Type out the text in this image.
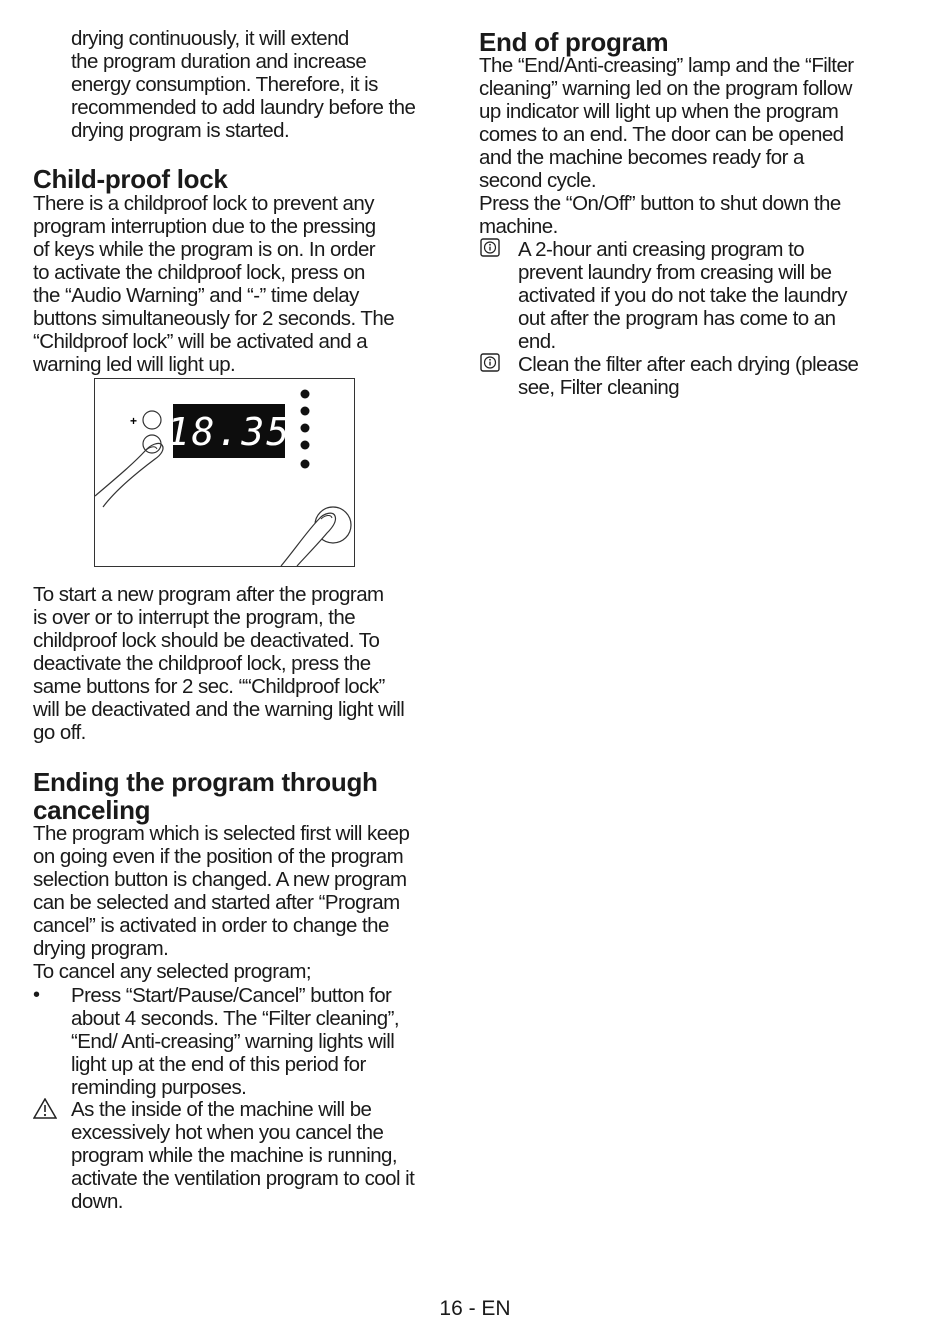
drying continuously, it will extend
the program duration and increase
energy consumption. Therefore, it is
recommended to add laundry before the
drying program is started.

Child-proof lock

There is a childproof lock to prevent any
program interruption due to the pressing
of keys while the program is on. In order
to activate the childproof lock, press on
the “Audio Warning” and “-” time delay
buttons simultaneously for 2 seconds. The
“Childproof lock” will be activated and a
warning led will light up.

+ 18.35

To start a new program after the program
is over or to interrupt the program, the
childproof lock should be deactivated. To
deactivate the childproof lock, press the
same buttons for 2 sec. ““Childproof lock”
will be deactivated and the warning light will
go off.

Ending the program through
canceling

The program which is selected first will keep
on going even if the position of the program
selection button is changed. A new program
can be selected and started after “Program
cancel” is activated in order to change the
drying program.
To cancel any selected program;

• Press “Start/Pause/Cancel” button for
about 4 seconds. The “Filter cleaning”,
“End/ Anti-creasing” warning lights will
light up at the end of this period for
reminding purposes.

As the inside of the machine will be
excessively hot when you cancel the
program while the machine is running,
activate the ventilation program to cool it
down.

End of program

The “End/Anti-creasing” lamp and the “Filter
cleaning” warning led on the program follow
up indicator will light up when the program
comes to an end. The door can be opened
and the machine becomes ready for a
second cycle.
Press the “On/Off” button to shut down the
machine.

A 2-hour anti creasing program to
prevent laundry from creasing will be
activated if you do not take the laundry
out after the program has come to an
end.

Clean the filter after each drying (please
see, Filter cleaning

16 - EN
